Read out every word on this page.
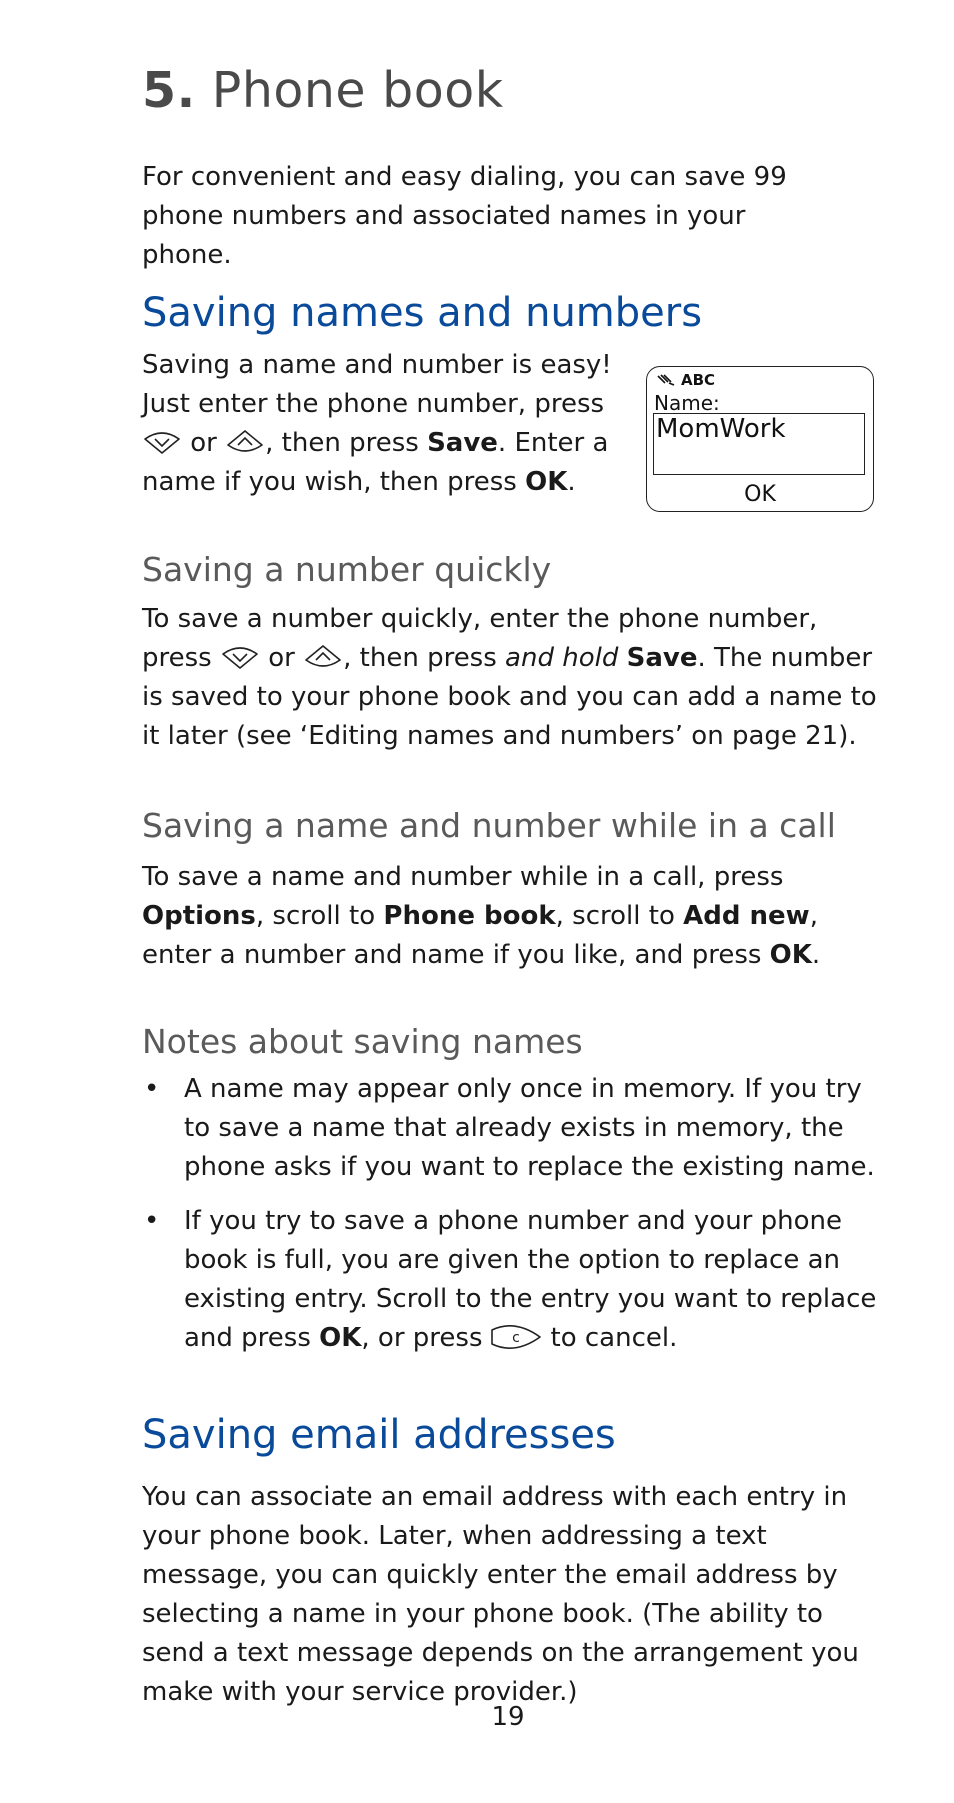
5. Phone book

For convenient and easy dialing, you can save 99 phone numbers and associated names in your phone.

Saving names and numbers

Saving a name and number is easy! Just enter the phone number, press  or , then press Save. Enter a name if you wish, then press OK.

ABC
Name:
MomWork
OK
Saving a number quickly

To save a number quickly, enter the phone number, press or , then press and hold Save. The number is saved to your phone book and you can add a name to it later (see ‘Editing names and numbers’ on page 21).

Saving a name and number while in a call

To save a name and number while in a call, press Options, scroll to Phone book, scroll to Add new, enter a number and name if you like, and press OK.

Notes about saving names
• A name may appear only once in memory. If you try to save a name that already exists in memory, the phone asks if you want to replace the existing name.
• If you try to save a phone number and your phone book is full, you are given the option to replace an existing entry. Scroll to the entry you want to replace and press OK, or press c to cancel.
Saving email addresses

You can associate an email address with each entry in your phone book. Later, when addressing a text message, you can quickly enter the email address by selecting a name in your phone book. (The ability to send a text message depends on the arrangement you make with your service provider.)

19
